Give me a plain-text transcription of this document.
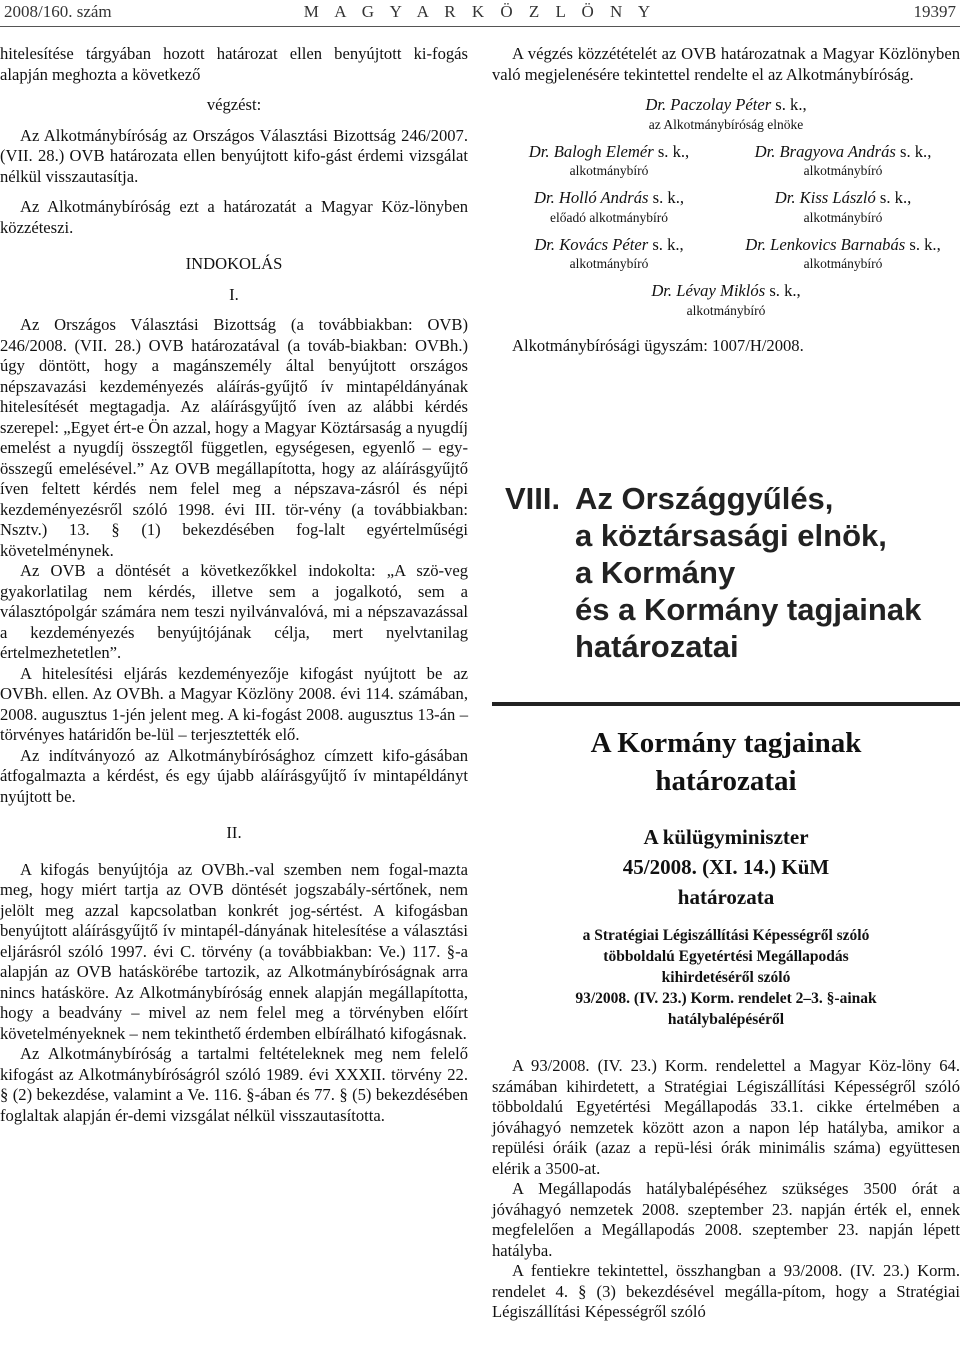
2008/160. szám	M A G Y A R K Ö Z L Ö N Y	19397

hitelesítése tárgyában hozott határozat ellen benyújtott ki-fogás alapján meghozta a következő

végzést:

Az Alkotmánybíróság az Országos Választási Bizottság 246/2007. (VII. 28.) OVB határozata ellen benyújtott kifo-gást érdemi vizsgálat nélkül visszautasítja.

Az Alkotmánybíróság ezt a határozatát a Magyar Köz-lönyben közzéteszi.

INDOKOLÁS

I.

Az Országos Választási Bizottság (a továbbiakban: OVB) 246/2008. (VII. 28.) OVB határozatával (a továb-biakban: OVBh.) úgy döntött, hogy a magánszemély által benyújtott országos népszavazási kezdeményezés aláírás-gyűjtő ív mintapéldányának hitelesítését megtagadja. Az aláírásgyűjtő íven az alábbi kérdés szerepel: „Egyet ért-e Ön azzal, hogy a Magyar Köztársaság a nyugdíj emelést a nyugdíj összegtől független, egységesen, egyenlő – egy-összegű emelésével.” Az OVB megállapította, hogy az aláírásgyűjtő íven feltett kérdés nem felel meg a népszava-zásról és népi kezdeményezésről szóló 1998. évi III. tör-vény (a továbbiakban: Nsztv.) 13. § (1) bekezdésében fog-lalt egyértelműségi követelménynek.

Az OVB a döntését a következőkkel indokolta: „A szö-veg gyakorlatilag nem kérdés, illetve sem a jogalkotó, sem a választópolgár számára nem teszi nyilvánvalóvá, mi a népszavazással a kezdeményezés benyújtójának célja, mert nyelvtanilag értelmezhetetlen”.

A hitelesítési eljárás kezdeményezője kifogást nyújtott be az OVBh. ellen. Az OVBh. a Magyar Közlöny 2008. évi 114. számában, 2008. augusztus 1-jén jelent meg. A ki-fogást 2008. augusztus 13-án – törvényes határidőn be-lül – terjesztették elő.

Az indítványozó az Alkotmánybírósághoz címzett kifo-gásában átfogalmazta a kérdést, és egy újabb aláírásgyűjtő ív mintapéldányt nyújtott be.

II.

A kifogás benyújtója az OVBh.-val szemben nem fogal-mazta meg, hogy miért tartja az OVB döntését jogszabály-sértőnek, nem jelölt meg azzal kapcsolatban konkrét jog-sértést. A kifogásban benyújtott aláírásgyűjtő ív mintapél-dányának hitelesítése a választási eljárásról szóló 1997. évi C. törvény (a továbbiakban: Ve.) 117. §-a alapján az OVB hatáskörébe tartozik, az Alkotmánybíróságnak arra nincs hatásköre. Az Alkotmánybíróság ennek alapján megállapította, hogy a beadvány – mivel az nem felel meg a törvényben előírt követelményeknek – nem tekinthető érdemben elbírálható kifogásnak.

Az Alkotmánybíróság a tartalmi feltételeknek meg nem felelő kifogást az Alkotmánybíróságról szóló 1989. évi XXXII. törvény 22. § (2) bekezdése, valamint a Ve. 116. §-ában és 77. § (5) bekezdésében foglaltak alapján ér-demi vizsgálat nélkül visszautasította.

A végzés közzétételét az OVB határozatnak a Magyar Közlönyben való megjelenésére tekintettel rendelte el az Alkotmánybíróság.

Dr. Paczolay Péter s. k.,
az Alkotmánybíróság elnöke
Dr. Balogh Elemér s. k.,
alkotmánybíró
Dr. Bragyova András s. k.,
alkotmánybíró
Dr. Holló András s. k.,
előadó alkotmánybíró
Dr. Kiss László s. k.,
alkotmánybíró
Dr. Kovács Péter s. k.,
alkotmánybíró
Dr. Lenkovics Barnabás s. k.,
alkotmánybíró
Dr. Lévay Miklós s. k.,
alkotmánybíró

Alkotmánybírósági ügyszám: 1007/H/2008.

VIII. Az Országgyűlés,
a köztársasági elnök,
a Kormány
és a Kormány tagjainak
határozatai
A Kormány tagjainak
határozatai
A külügyminiszter
45/2008. (XI. 14.) KüM
határozata
a Stratégiai Légiszállítási Képességről szóló
többoldalú Egyetértési Megállapodás
kihirdetéséről szóló
93/2008. (IV. 23.) Korm. rendelet 2–3. §-ainak
hatálybalépéséről

A 93/2008. (IV. 23.) Korm. rendelettel a Magyar Köz-löny 64. számában kihirdetett, a Stratégiai Légiszállítási Képességről szóló többoldalú Egyetértési Megállapodás 33.1. cikke értelmében a jóváhagyó nemzetek között azon a napon lép hatályba, amikor a repülési óráik (azaz a repü-lési órák minimális száma) együttesen elérik a 3500-at.

A Megállapodás hatálybalépéséhez szükséges 3500 órát a jóváhagyó nemzetek 2008. szeptember 23. napján érték el, ennek megfelelően a Megállapodás 2008. szeptember 23. napján lépett hatályba.

A fentiekre tekintettel, összhangban a 93/2008. (IV. 23.) Korm. rendelet 4. § (3) bekezdésével megálla-pítom, hogy a Stratégiai Légiszállítási Képességről szóló
